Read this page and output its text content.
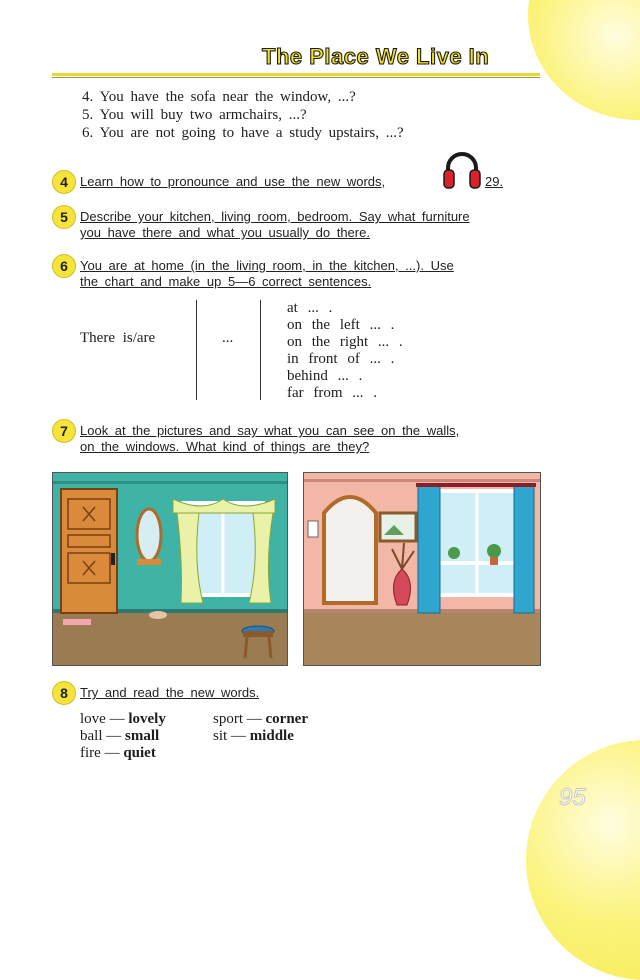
The Place We Live In
4. You have the sofa near the window, ...?
5. You will buy two armchairs, ...?
6. You are not going to have a study upstairs, ...?
4 Learn how to pronounce and use the new words,	29.
5 Describe your kitchen, living room, bedroom. Say what furniture
you have there and what you usually do there.
6 You are at home (in the living room, in the kitchen, ...). Use
the chart and make up 5—6 correct sentences.
There is/are	...
at ... .
on the left ... .
on the right ... .
in front of ... .
behind ... .
far from ... .
7 Look at the pictures and say what you can see on the walls,
on the windows. What kind of things are they?
8 Try and read the new words.
love — lovely
ball — small
fire — quiet
sport — corner
sit — middle
95
